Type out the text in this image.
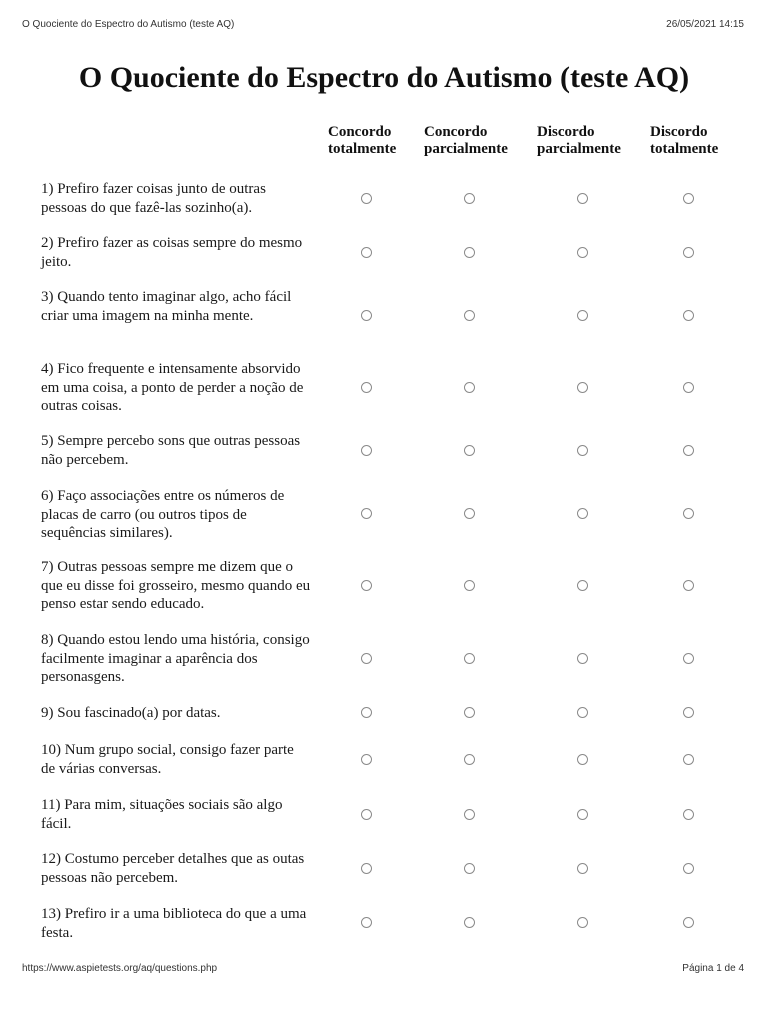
O Quociente do Espectro do Autismo (teste AQ)	26/05/2021 14:15
O Quociente do Espectro do Autismo (teste AQ)
Concordo
totalmente
Concordo
parcialmente
Discordo
parcialmente
Discordo
totalmente
1) Prefiro fazer coisas junto de outras pessoas do que fazê-las sozinho(a).
2) Prefiro fazer as coisas sempre do mesmo jeito.
3) Quando tento imaginar algo, acho fácil criar uma imagem na minha mente.
4) Fico frequente e intensamente absorvido em uma coisa, a ponto de perder a noção de outras coisas.
5) Sempre percebo sons que outras pessoas não percebem.
6) Faço associações entre os números de placas de carro (ou outros tipos de sequências similares).
7) Outras pessoas sempre me dizem que o que eu disse foi grosseiro, mesmo quando eu penso estar sendo educado.
8) Quando estou lendo uma história, consigo facilmente imaginar a aparência dos personasgens.
9) Sou fascinado(a) por datas.
10) Num grupo social, consigo fazer parte de várias conversas.
11) Para mim, situações sociais são algo fácil.
12) Costumo perceber detalhes que as outas pessoas não percebem.
13) Prefiro ir a uma biblioteca do que a uma festa.
https://www.aspietests.org/aq/questions.php	Página 1 de 4
